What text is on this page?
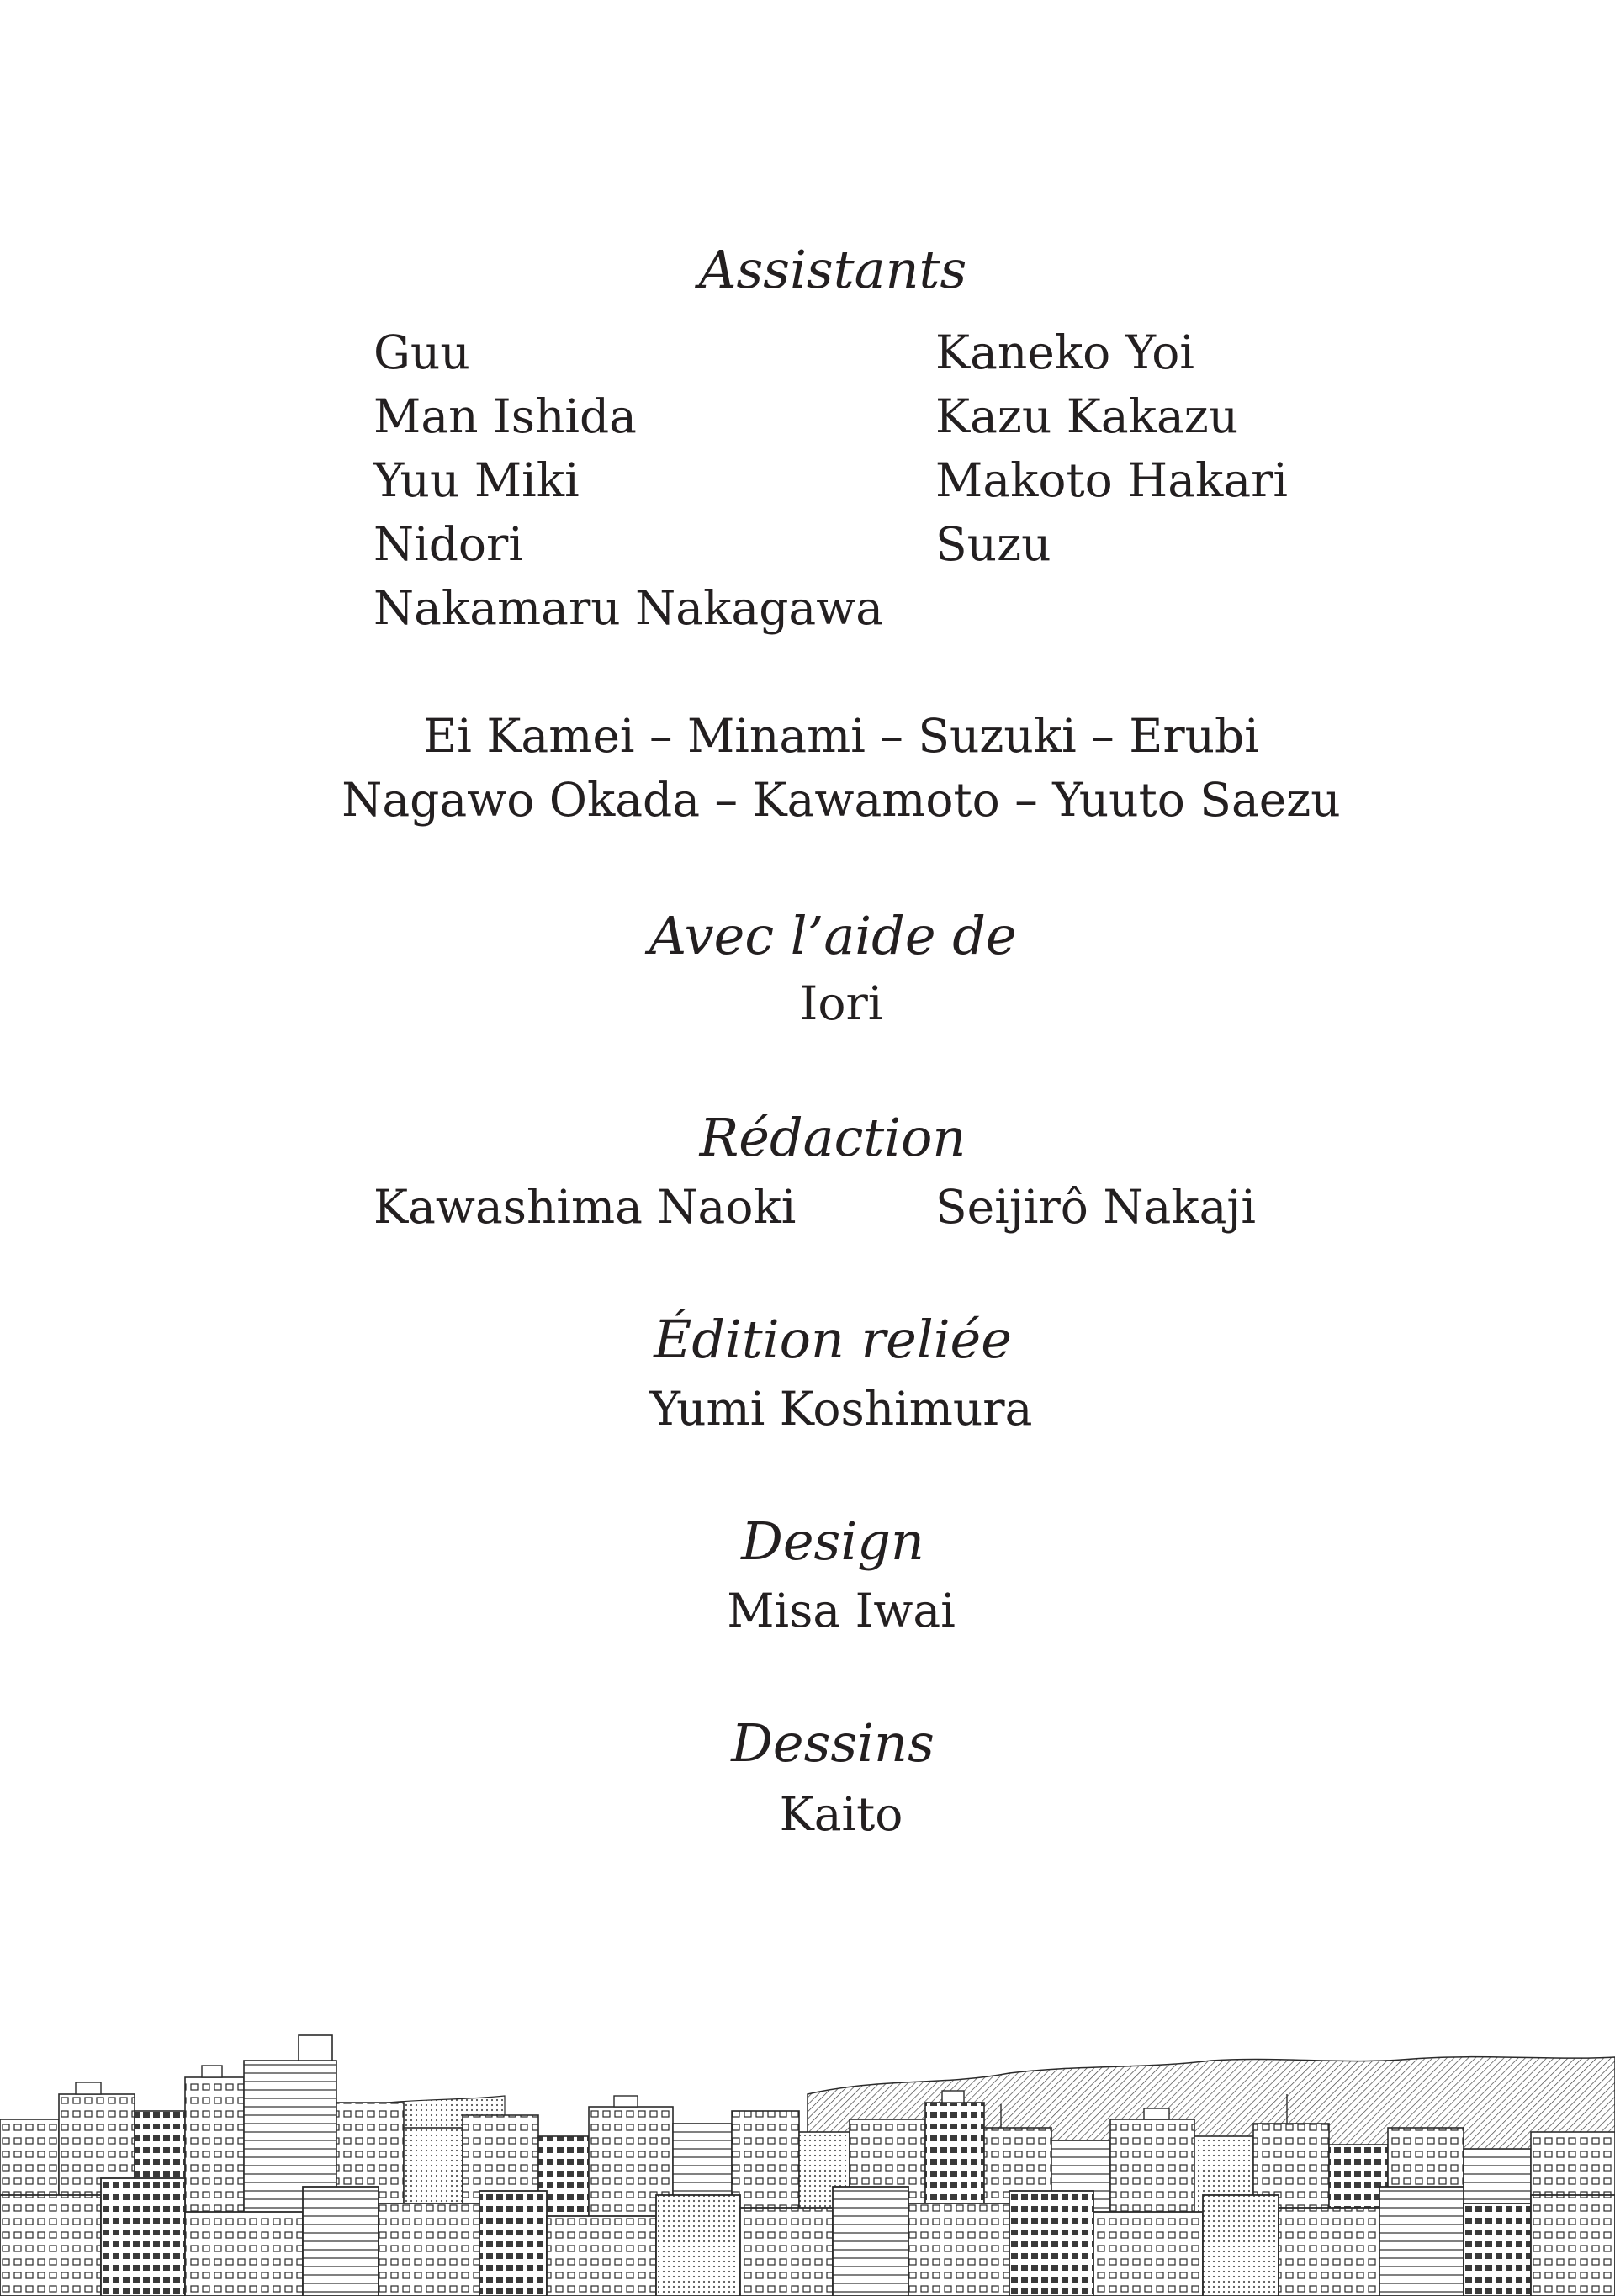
Assistants
Guu
Man Ishida
Yuu Miki
Nidori
Nakamaru Nakagawa
Kaneko Yoi
Kazu Kakazu
Makoto Hakari
Suzu
Ei Kamei – Minami – Suzuki – Erubi
Nagawo Okada – Kawamoto – Yuuto Saezu
Avec l’aide de
Iori
Rédaction
Kawashima Naoki	Seijirô Nakaji
Édition reliée
Yumi Koshimura
Design
Misa Iwai
Dessins
Kaito
